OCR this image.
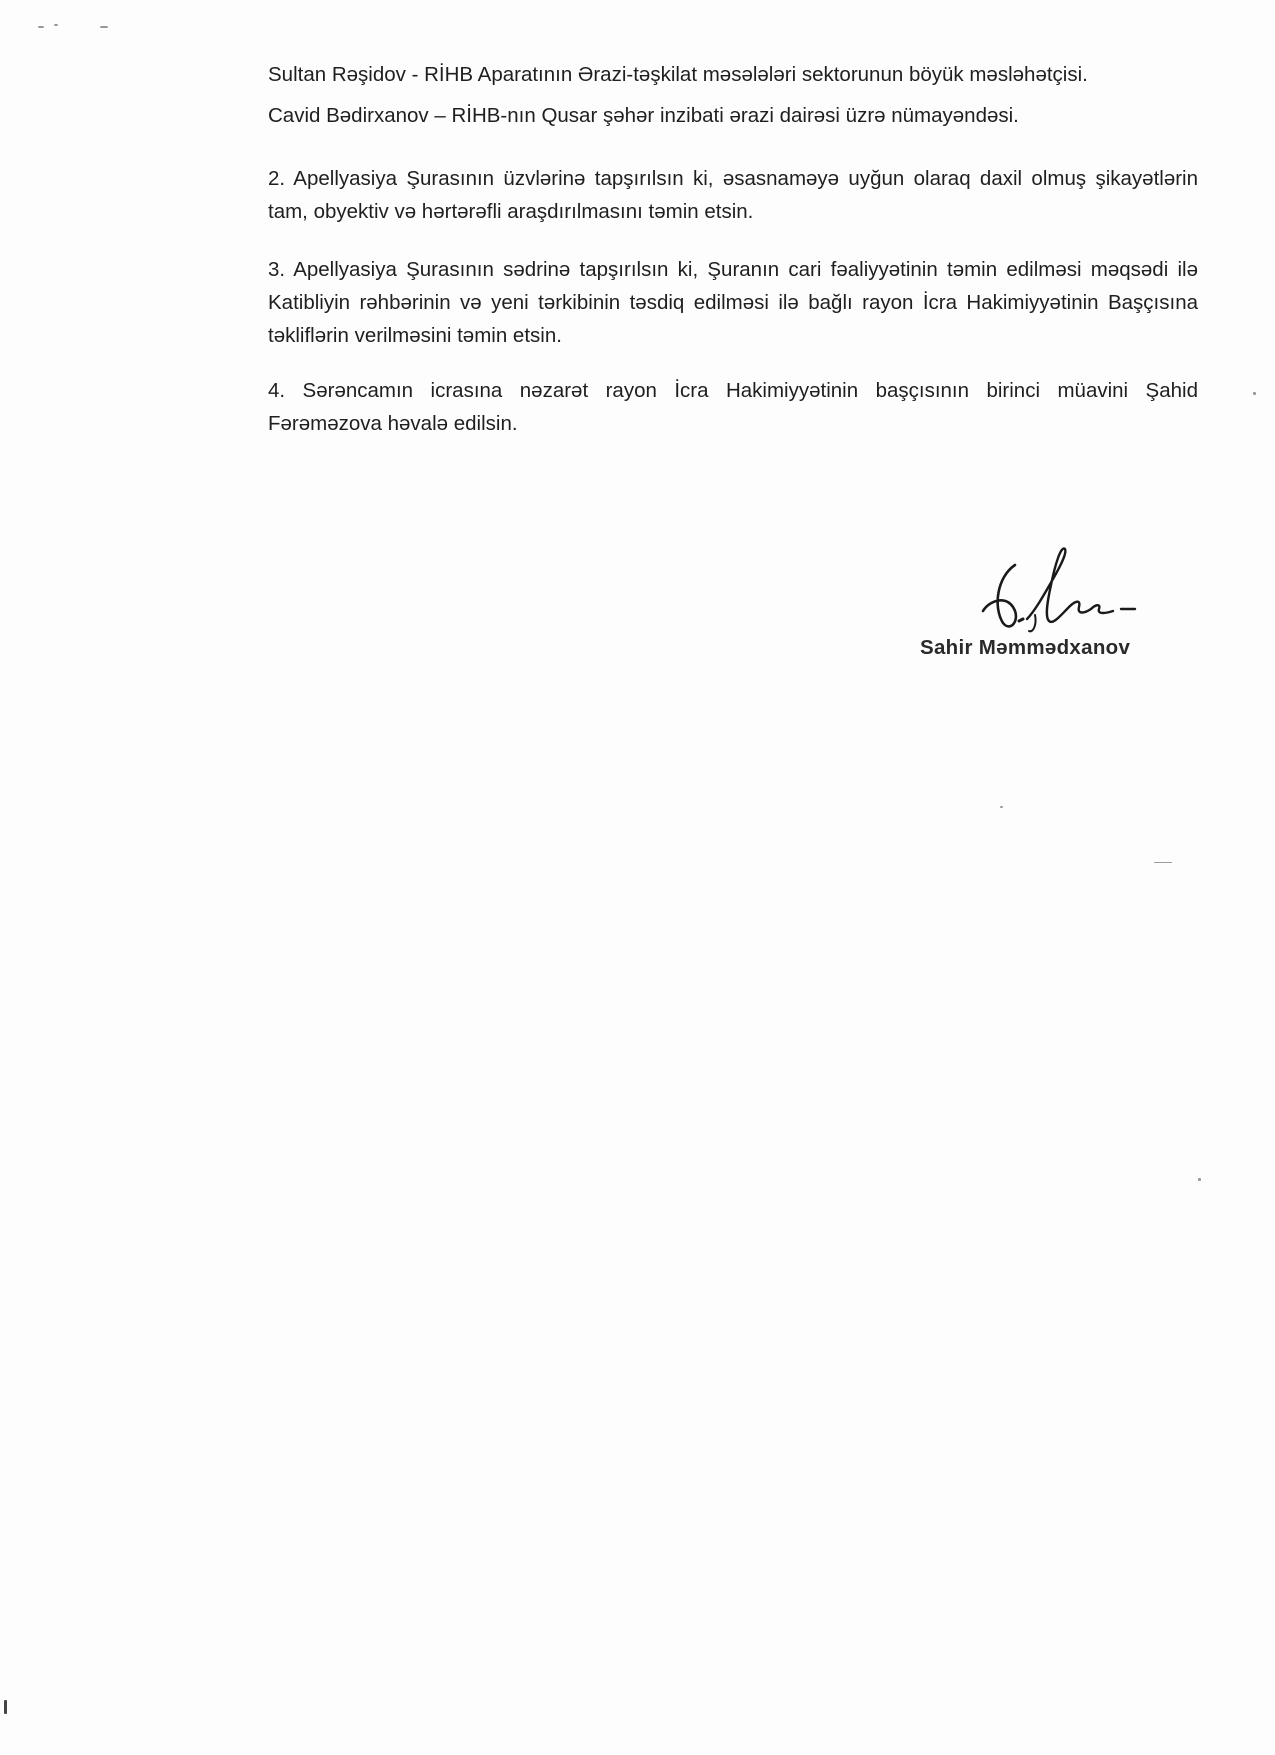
Sultan Rəşidov - RİHB Aparatının Ərazi-təşkilat məsələləri sektorunun böyük məsləhətçisi.

Cavid Bədirxanov – RİHB-nın Qusar şəhər inzibati ərazi dairəsi üzrə nümayəndəsi.

2. Apellyasiya Şurasının üzvlərinə tapşırılsın ki, əsasnaməyə uyğun olaraq daxil olmuş şikayətlərin tam, obyektiv və hərtərəfli araşdırılmasını təmin etsin.

3. Apellyasiya Şurasının sədrinə tapşırılsın ki, Şuranın cari fəaliyyətinin təmin edilməsi məqsədi ilə Katibliyin rəhbərinin və yeni tərkibinin təsdiq edilməsi ilə bağlı rayon İcra Hakimiyyətinin Başçısına təkliflərin verilməsini təmin etsin.

4. Sərəncamın icrasına nəzarət rayon İcra Hakimiyyətinin başçısının birinci müavini Şahid Fərəməzova həvalə edilsin.

Sahir Məmmədxanov
